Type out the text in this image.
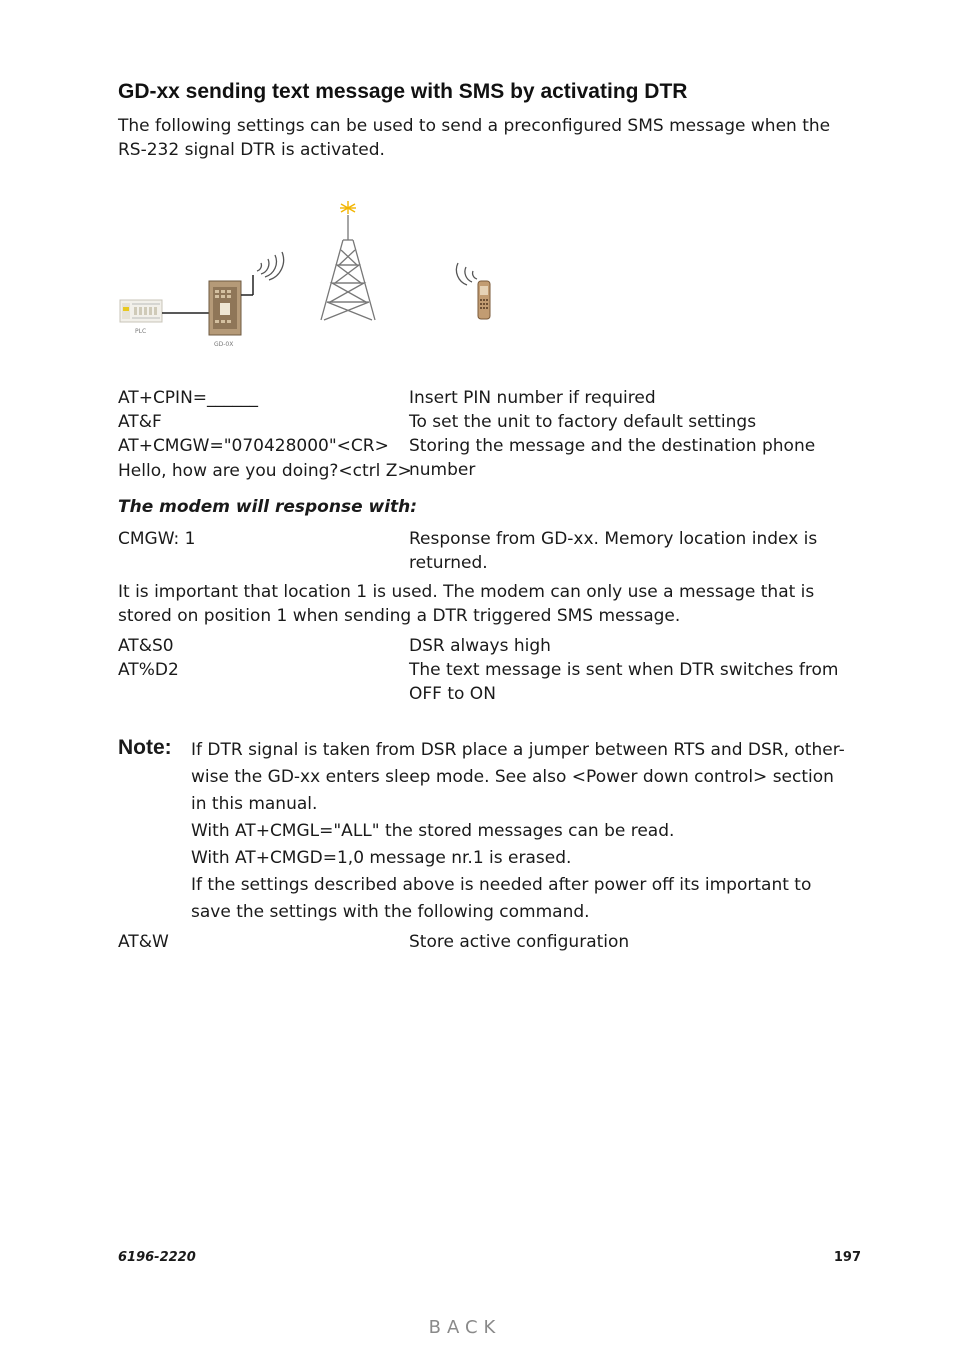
GD-xx sending text message with SMS by activating DTR
The following settings can be used to send a preconfigured SMS message when the RS-232 signal DTR is activated.
PLC
GD-0X
AT+CPIN=______	Insert PIN number if required
AT&F	To set the unit to factory default settings
AT+CMGW="070428000"<CR> Storing the message and the destination phone number
Hello, how are you doing?<ctrl Z>
The modem will response with:
CMGW: 1	Response from GD-xx. Memory location index is returned.
It is important that location 1 is used. The modem can only use a message that is stored on position 1 when sending a DTR triggered SMS message.
AT&S0	DSR always high
AT%D2	The text message is sent when DTR switches from OFF to ON
Note: If DTR signal is taken from DSR place a jumper between RTS and DSR, other-wise the GD-xx enters sleep mode. See also <Power down control> section in this manual.

With AT+CMGL="ALL" the stored messages can be read.

With AT+CMGD=1,0 message nr.1 is erased.

If the settings described above is needed after power off its important to save the settings with the following command.

AT&W	Store active configuration
6196-2220	197
BACK
